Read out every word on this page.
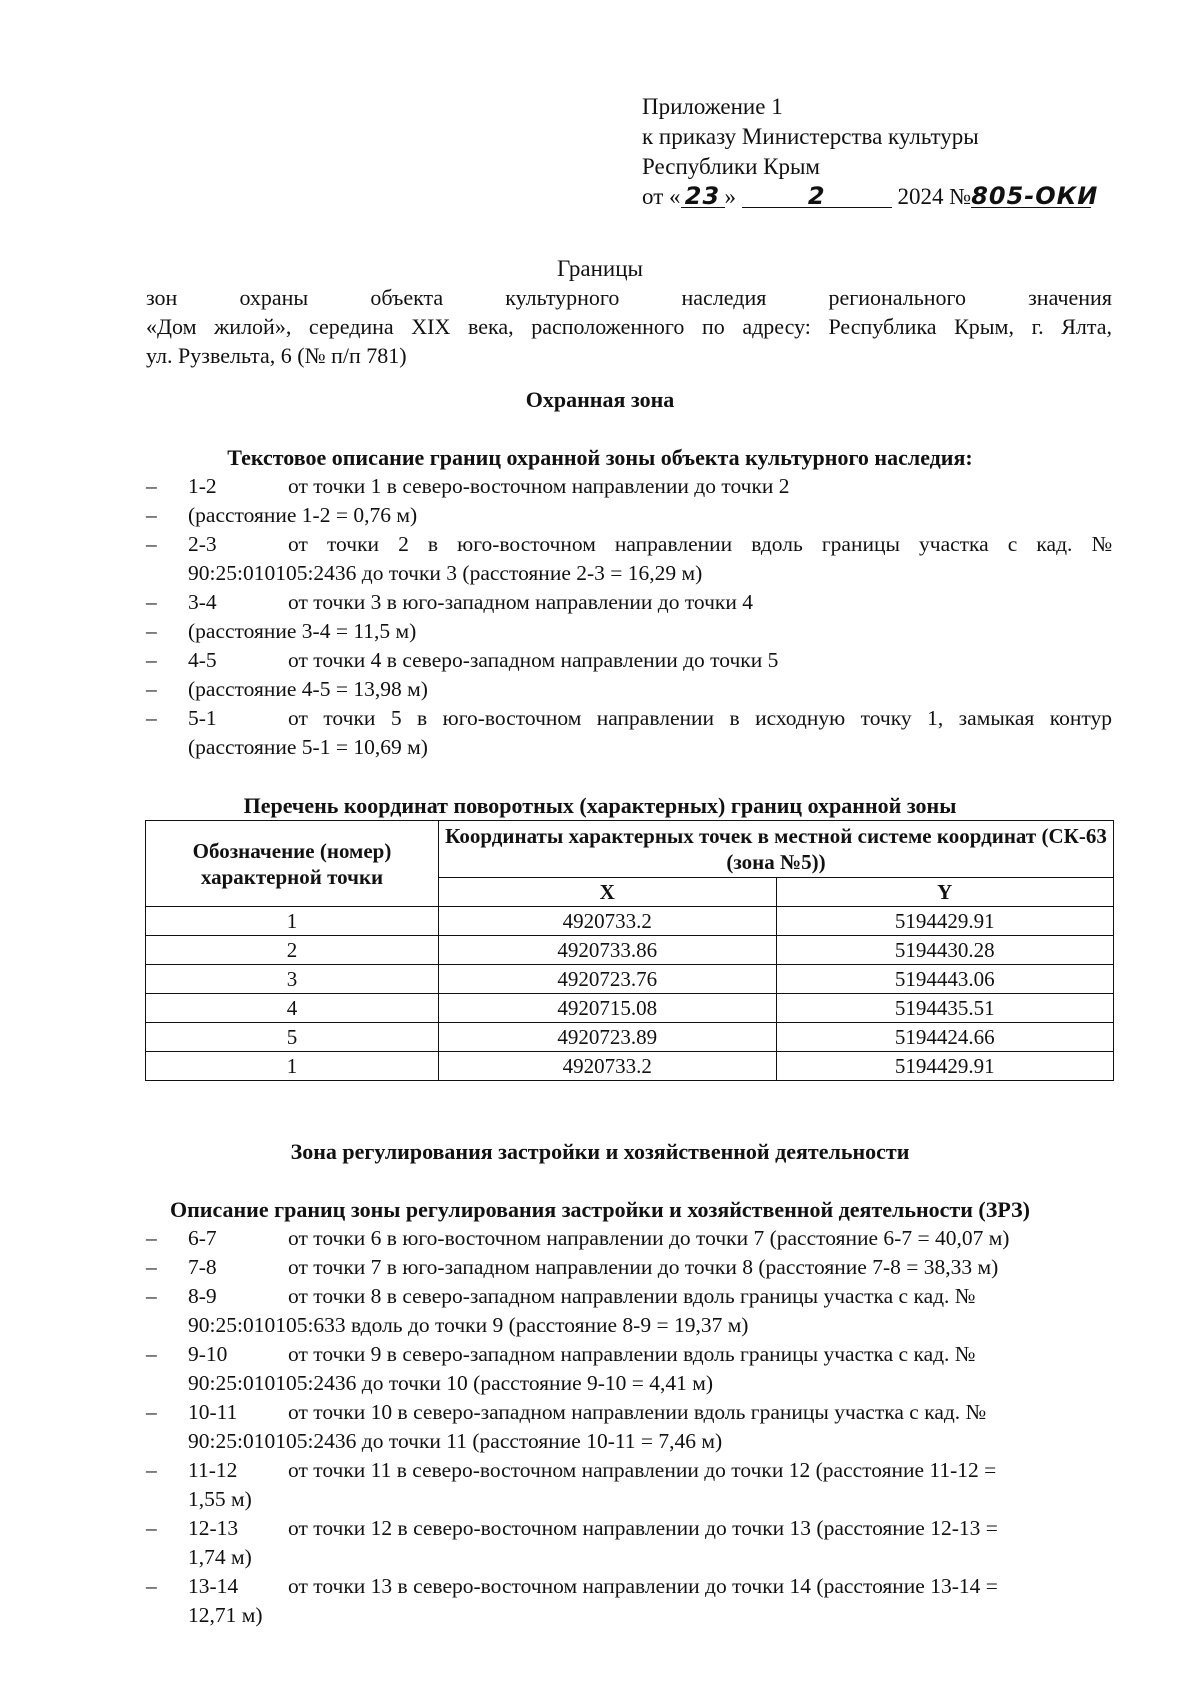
Приложение 1
к приказу Министерства культуры
Республики Крым
от « 23 »	2	2024 №805-ОКИ
Границы
зон	охраны	объекта	культурного	наследия	регионального	значения
«Дом жилой», середина XIX века, расположенного по адресу: Республика Крым, г. Ялта,
ул. Рузвельта, 6 (№ п/п 781)
Охранная зона
Текстовое описание границ охранной зоны объекта культурного наследия:
– 1-2	от точки 1 в северо-восточном направлении до точки 2
– (расстояние 1-2 = 0,76 м)
– 2-3	от точки 2 в юго-восточном направлении вдоль границы участка с кад. №
90:25:010105:2436 до точки 3 (расстояние 2-3 = 16,29 м)
– 3-4	от точки 3 в юго-западном направлении до точки 4
– (расстояние 3-4 = 11,5 м)
– 4-5	от точки 4 в северо-западном направлении до точки 5
– (расстояние 4-5 = 13,98 м)
– 5-1	от точки 5 в юго-восточном направлении в исходную точку 1, замыкая контур
(расстояние 5-1 = 10,69 м)
Перечень координат поворотных (характерных) границ охранной зоны
Обозначение (номер) характерной точки	Координаты характерных точек в местной системе координат (СК-63 (зона №5))	
	X	Y
1	4920733.2	5194429.91
2	4920733.86	5194430.28
3	4920723.76	5194443.06
4	4920715.08	5194435.51
5	4920723.89	5194424.66
1	4920733.2	5194429.91
Зона регулирования застройки и хозяйственной деятельности
Описание границ зоны регулирования застройки и хозяйственной деятельности (ЗРЗ)
– 6-7	от точки 6 в юго-восточном направлении до точки 7 (расстояние 6-7 = 40,07 м)
– 7-8	от точки 7 в юго-западном направлении до точки 8 (расстояние 7-8 = 38,33 м)
– 8-9	от точки 8 в северо-западном направлении вдоль границы участка с кад. №
90:25:010105:633 вдоль до точки 9 (расстояние 8-9 = 19,37 м)
– 9-10	от точки 9 в северо-западном направлении вдоль границы участка с кад. №
90:25:010105:2436 до точки 10 (расстояние 9-10 = 4,41 м)
– 10-11 от точки 10 в северо-западном направлении вдоль границы участка с кад. №
90:25:010105:2436 до точки 11 (расстояние 10-11 = 7,46 м)
– 11-12 от точки 11 в северо-восточном направлении до точки 12 (расстояние 11-12 =
1,55 м)
– 12-13 от точки 12 в северо-восточном направлении до точки 13 (расстояние 12-13 =
1,74 м)
– 13-14 от точки 13 в северо-восточном направлении до точки 14 (расстояние 13-14 =
12,71 м)
